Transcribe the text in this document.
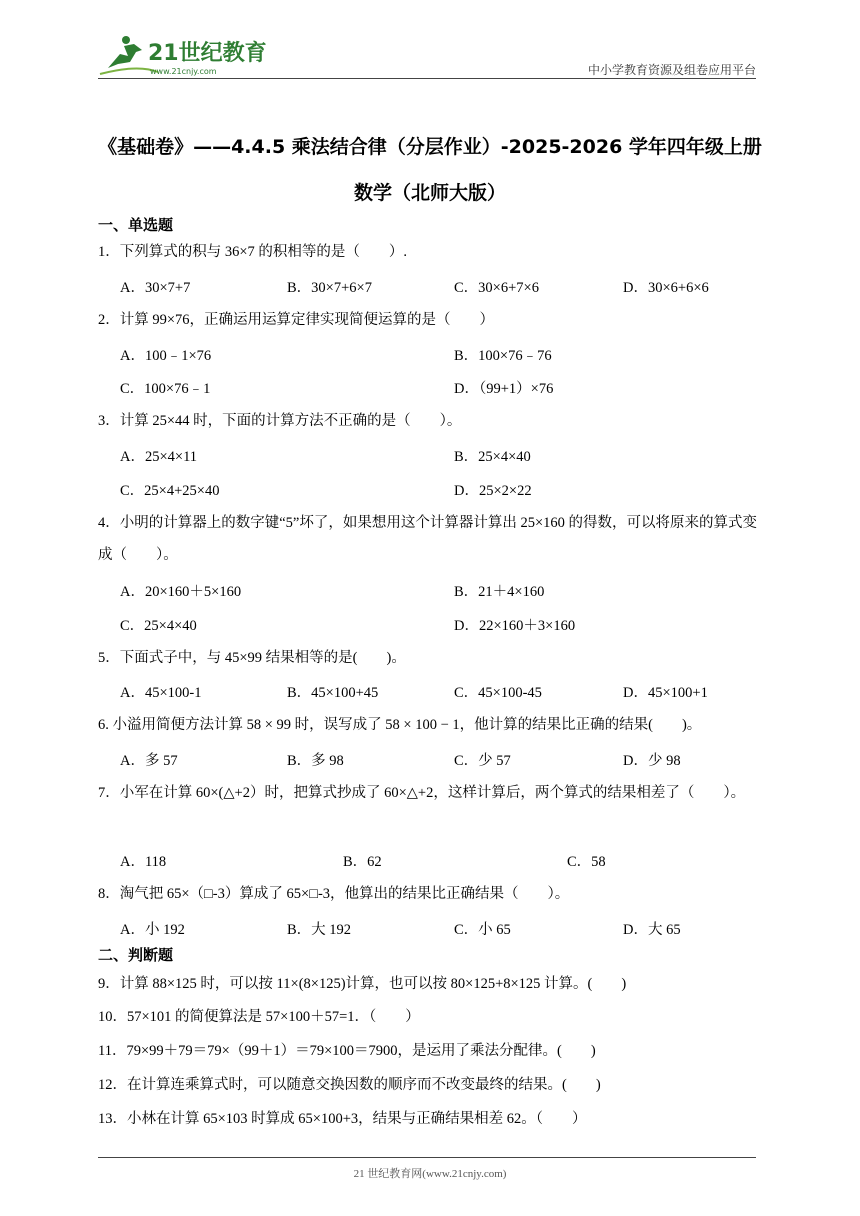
21世纪教育
www.21cnjy.com	中小学教育资源及组卷应用平台
《基础卷》——4.4.5 乘法结合律（分层作业）-2025-2026 学年四年级上册
数学（北师大版）
一、单选题
1．下列算式的积与 36×7 的积相等的是（　　）.
A．30×7+7	B．30×7+6×7	C．30×6+7×6	D．30×6+6×6
2．计算 99×76，正确运用运算定律实现简便运算的是（　　）
A．100﹣1×76	B．100×76﹣76
C．100×76﹣1	D．（99+1）×76
3．计算 25×44 时，下面的计算方法不正确的是（　　）。
A．25×4×11	B．25×4×40
C．25×4+25×40	D．25×2×22
4．小明的计算器上的数字键“5”坏了，如果想用这个计算器计算出 25×160 的得数，可以将原来的算式变成（　　）。
A．20×160＋5×160	B．21＋4×160
C．25×4×40	D．22×160＋3×160
5．下面式子中，与 45×99 结果相等的是(　　)。
A．45×100-1	B．45×100+45	C．45×100-45	D．45×100+1
6. 小溢用简便方法计算 58 × 99 时，误写成了 58 × 100 − 1，他计算的结果比正确的结果(　　)。
A．多 57	B．多 98	C．少 57	D．少 98
7．小军在计算 60×(△+2）时，把算式抄成了 60×△+2，这样计算后，两个算式的结果相差了（　　）。
A．118	B．62	C．58
8．淘气把 65×（□-3）算成了 65×□-3，他算出的结果比正确结果（　　）。
A．小 192	B．大 192	C．小 65	D．大 65
二、判断题
9．计算 88×125 时，可以按 11×(8×125)计算，也可以按 80×125+8×125 计算。(　　)
10．57×101 的简便算法是 57×100＋57=1．（　　）
11．79×99＋79＝79×（99＋1）＝79×100＝7900，是运用了乘法分配律。(　　)
12．在计算连乘算式时，可以随意交换因数的顺序而不改变最终的结果。(　　)
13．小林在计算 65×103 时算成 65×100+3，结果与正确结果相差 62。（　　）
21 世纪教育网(www.21cnjy.com)
